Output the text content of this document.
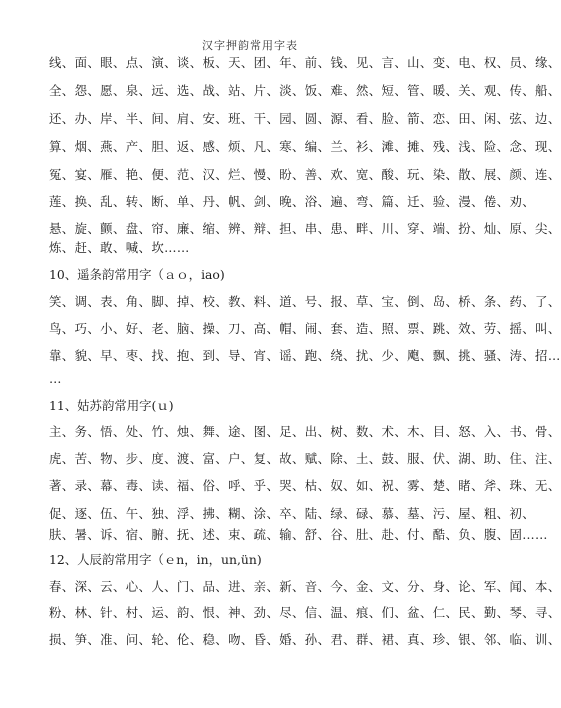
汉字押韵常用字表
线、面、眼、点、演、谈、板、天、团、年、前、钱、见、言、山、变、电、权、员、缘、
全、怨、愿、泉、远、选、战、站、片、淡、饭、难、然、短、管、暖、关、观、传、船、
还、办、岸、半、间、肩、安、班、干、园、圆、源、看、脸、箭、恋、田、闲、弦、边、
算、烟、燕、产、胆、返、感、烦、凡、寒、编、兰、衫、滩、摊、残、浅、险、念、现、
冤、宴、雁、艳、便、范、汉、烂、慢、盼、善、欢、宽、酸、玩、染、散、展、颜、连、
莲、换、乱、转、断、单、丹、帆、剑、晚、浴、遍、弯、篇、迁、验、漫、倦、劝、
悬、旋、颤、盘、帘、廉、缩、辨、辩、担、串、患、畔、川、穿、端、扮、灿、原、尖、
炼、赶、敢、喊、坎……
10、遥条韵常用字（ａｏ，iao)
笑、调、表、角、脚、掉、校、教、料、道、号、报、草、宝、倒、岛、桥、条、药、了、
鸟、巧、小、好、老、脑、操、刀、高、帽、闹、套、造、照、票、跳、效、劳、摇、叫、
靠、貌、早、枣、找、抱、到、导、宵、谣、跑、绕、扰、少、飑、飘、挑、骚、涛、招…
…
11、姑苏韵常用字(ｕ)
主、务、悟、处、竹、烛、舞、途、图、足、出、树、数、术、木、目、怒、入、书、骨、
虎、苦、物、步、度、渡、富、户、复、故、赋、除、土、鼓、服、伏、湖、助、住、注、
著、录、幕、毒、读、福、俗、呼、乎、哭、枯、奴、如、祝、雾、楚、睹、斧、珠、无、
促、逐、伍、午、独、浮、拂、糊、涂、卒、陆、绿、碌、慕、墓、污、屋、粗、初、
肤、暑、诉、宿、腑、抚、述、束、疏、输、舒、谷、肚、赴、付、酷、负、腹、固……
12、人辰韵常用字（ｅn，in，un,ün)
春、深、云、心、人、门、品、进、亲、新、音、今、金、文、分、身、论、军、闻、本、
粉、林、针、村、运、韵、恨、神、劲、尽、信、温、痕、们、盆、仁、民、勤、琴、寻、
损、笋、准、问、轮、伦、稳、吻、昏、婚、孙、君、群、裙、真、珍、银、邻、临、训、
